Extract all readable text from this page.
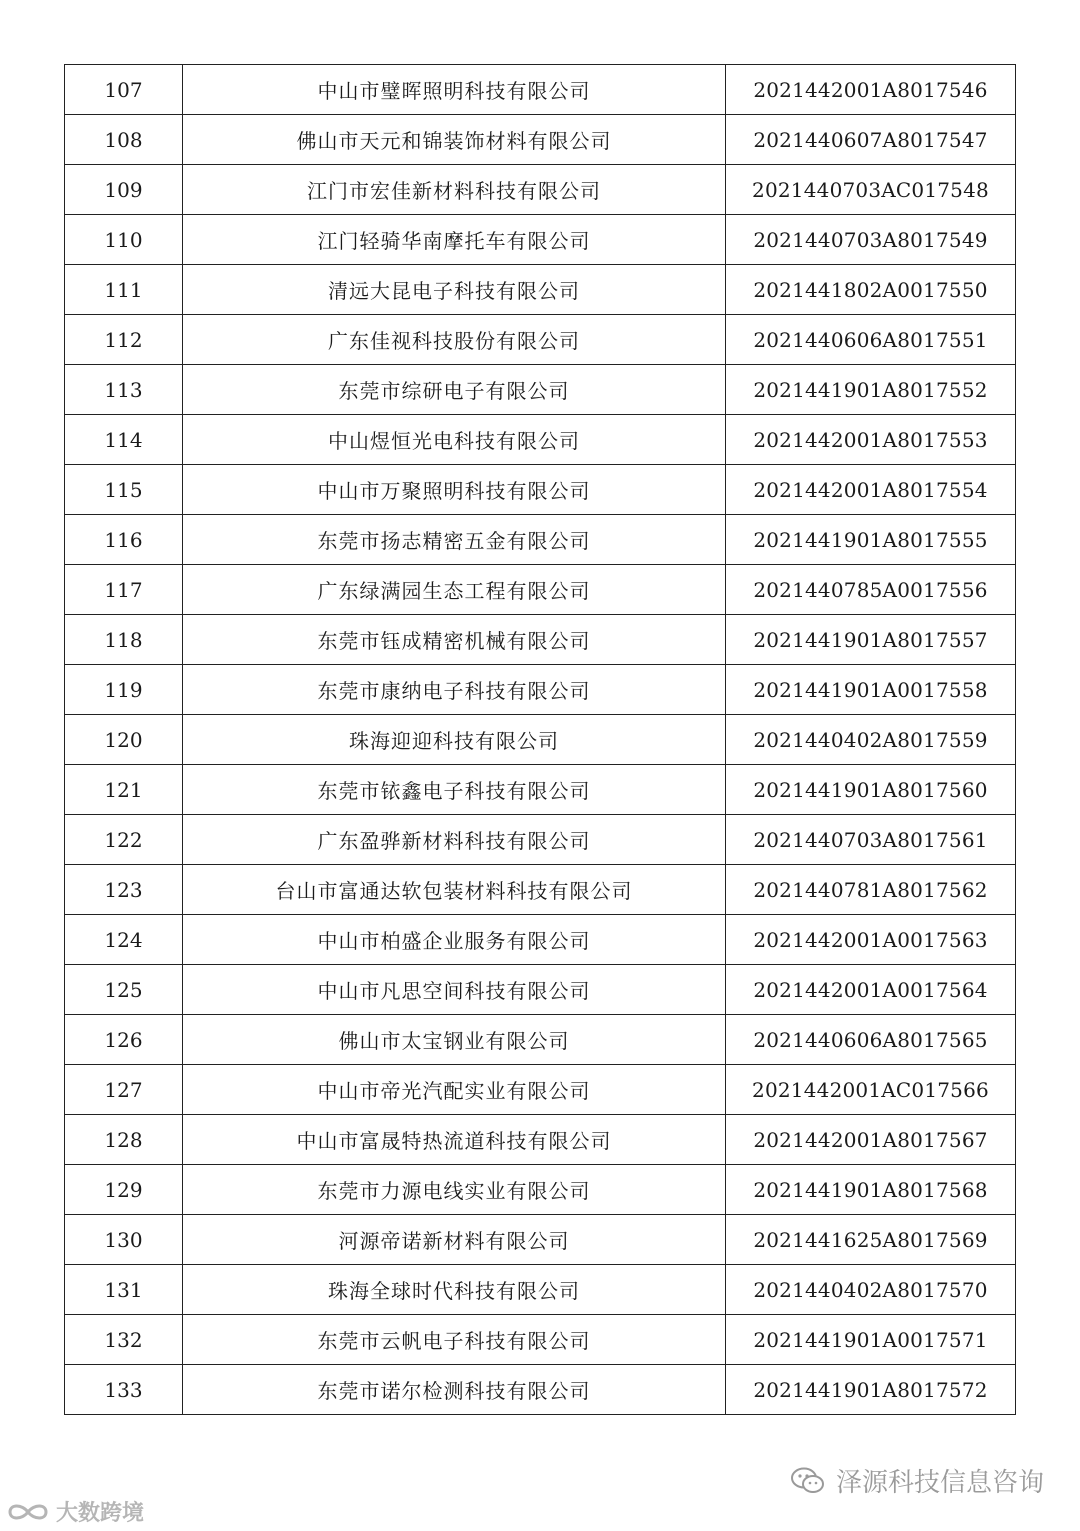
107	中山市璧晖照明科技有限公司	2021442001A8017546
108	佛山市天元和锦装饰材料有限公司	2021440607A8017547
109	江门市宏佳新材料科技有限公司	2021440703AC017548
110	江门轻骑华南摩托车有限公司	2021440703A8017549
111	清远大昆电子科技有限公司	2021441802A0017550
112	广东佳视科技股份有限公司	2021440606A8017551
113	东莞市综研电子有限公司	2021441901A8017552
114	中山煜恒光电科技有限公司	2021442001A8017553
115	中山市万聚照明科技有限公司	2021442001A8017554
116	东莞市扬志精密五金有限公司	2021441901A8017555
117	广东绿满园生态工程有限公司	2021440785A0017556
118	东莞市钰成精密机械有限公司	2021441901A8017557
119	东莞市康纳电子科技有限公司	2021441901A0017558
120	珠海迎迎科技有限公司	2021440402A8017559
121	东莞市铱鑫电子科技有限公司	2021441901A8017560
122	广东盈骅新材料科技有限公司	2021440703A8017561
123	台山市富通达软包装材料科技有限公司	2021440781A8017562
124	中山市柏盛企业服务有限公司	2021442001A0017563
125	中山市凡思空间科技有限公司	2021442001A0017564
126	佛山市太宝钢业有限公司	2021440606A8017565
127	中山市帝光汽配实业有限公司	2021442001AC017566
128	中山市富晟特热流道科技有限公司	2021442001A8017567
129	东莞市力源电线实业有限公司	2021441901A8017568
130	河源帝诺新材料有限公司	2021441625A8017569
131	珠海全球时代科技有限公司	2021440402A8017570
132	东莞市云帆电子科技有限公司	2021441901A0017571
133	东莞市诺尔检测科技有限公司	2021441901A8017572
泽源科技信息咨询
大数跨境
